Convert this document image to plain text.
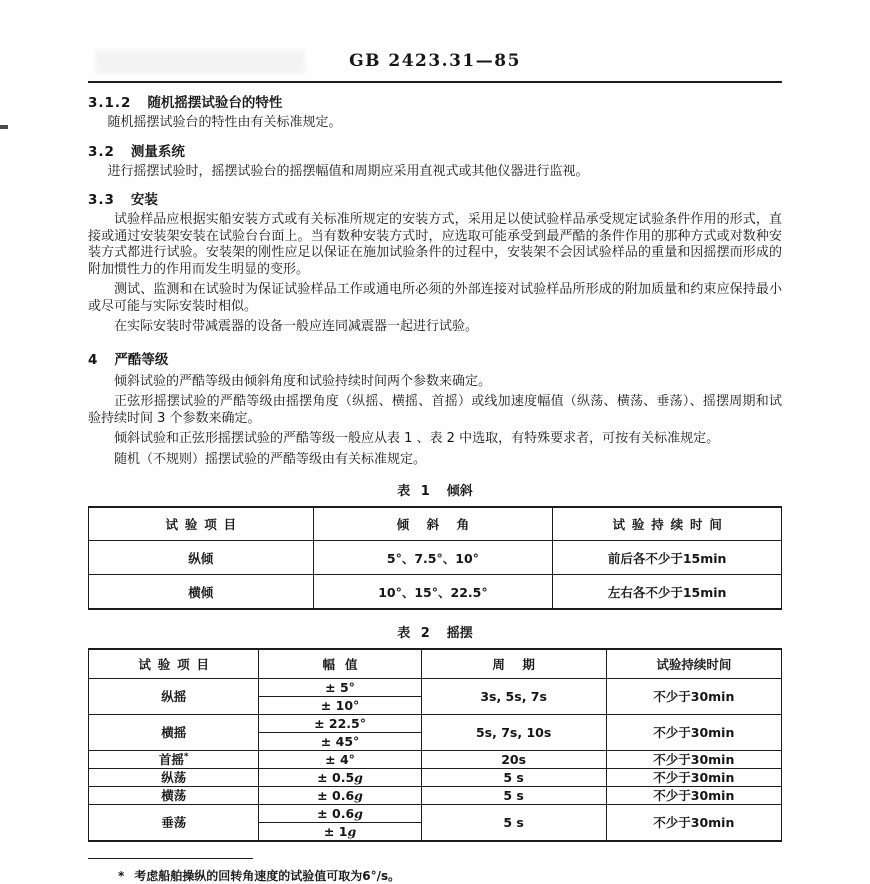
GB 2423.31—85
3.1.2 随机摇摆试验台的特性

随机摇摆试验台的特性由有关标准规定。

3.2 测量系统

进行摇摆试验时，摇摆试验台的摇摆幅值和周期应采用直视式或其他仪器进行监视。

3.3 安装

试验样品应根据实船安装方式或有关标准所规定的安装方式，采用足以使试验样品承受规定试验条件作用的形式，直接或通过安装架安装在试验台台面上。当有数种安装方式时，应选取可能承受到最严酷的条件作用的那种方式或对数种安装方式都进行试验。安装架的刚性应足以保证在施加试验条件的过程中，安装架不会因试验样品的重量和因摇摆而形成的附加惯性力的作用而发生明显的变形。

测试、监测和在试验时为保证试验样品工作或通电所必须的外部连接对试验样品所形成的附加质量和约束应保持最小或尽可能与实际安装时相似。

在实际安装时带减震器的设备一般应连同减震器一起进行试验。

4 严酷等级

倾斜试验的严酷等级由倾斜角度和试验持续时间两个参数来确定。

正弦形摇摆试验的严酷等级由摇摆角度（纵摇、横摇、首摇）或线加速度幅值（纵荡、横荡、垂荡）、摇摆周期和试验持续时间 3 个参数来确定。

倾斜试验和正弦形摇摆试验的严酷等级一般应从表 1 、表 2 中选取，有特殊要求者，可按有关标准规定。

随机（不规则）摇摆试验的严酷等级由有关标准规定。

表 1 倾斜
试验项目	倾斜角	试验持续时间
纵倾	5°、7.5°、10°	前后各不少于15min
横倾	10°、15°、22.5°	左右各不少于15min
表 2 摇摆
试验项目	幅值	周期	试验持续时间
纵摇	± 5°	3s, 5s, 7s	不少于30min
	± 10°		
横摇	± 22.5°	5s, 7s, 10s	不少于30min
	± 45°		
首摇*	± 4°	20s	不少于30min
纵荡	± 0.5g	5 s	不少于30min
横荡	± 0.6g	5 s	不少于30min
垂荡	± 0.6g	5 s	不少于30min
	± 1g		
* 考虑船舶操纵的回转角速度的试验值可取为6°/s。
